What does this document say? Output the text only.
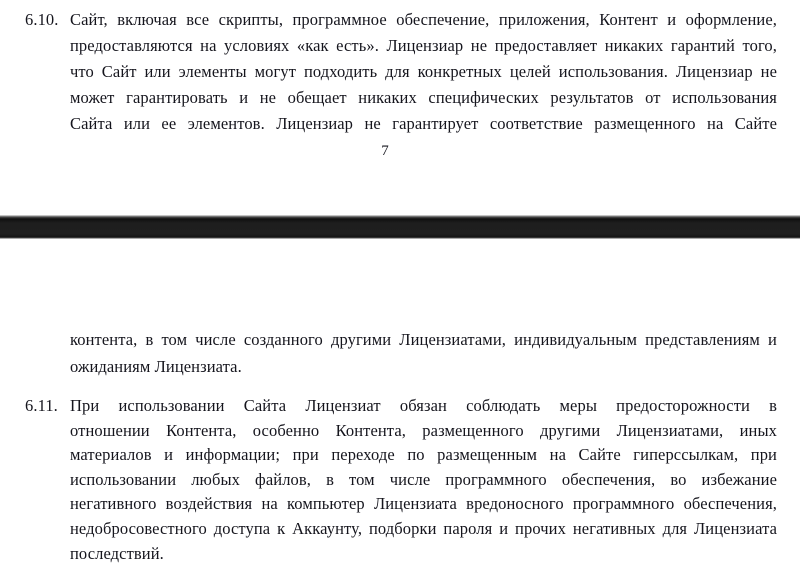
6.10. Сайт, включая все скрипты, программное обеспечение, приложения, Контент и оформление,
предоставляются на условиях «как есть». Лицензиар не предоставляет никаких гарантий того,
что Сайт или элементы могут подходить для конкретных целей использования. Лицензиар не
может гарантировать и не обещает никаких специфических результатов от использования
Сайта или ее элементов. Лицензиар не гарантирует соответствие размещенного на Сайте
7
контента, в том числе созданного другими Лицензиатами, индивидуальным представлениям и
ожиданиям Лицензиата.
6.11. При использовании Сайта Лицензиат обязан соблюдать меры предосторожности в
отношении Контента, особенно Контента, размещенного другими Лицензиатами, иных
материалов и информации; при переходе по размещенным на Сайте гиперссылкам, при
использовании любых файлов, в том числе программного обеспечения, во избежание
негативного воздействия на компьютер Лицензиата вредоносного программного обеспечения,
недобросовестного доступа к Аккаунту, подборки пароля и прочих негативных для Лицензиата
последствий.
